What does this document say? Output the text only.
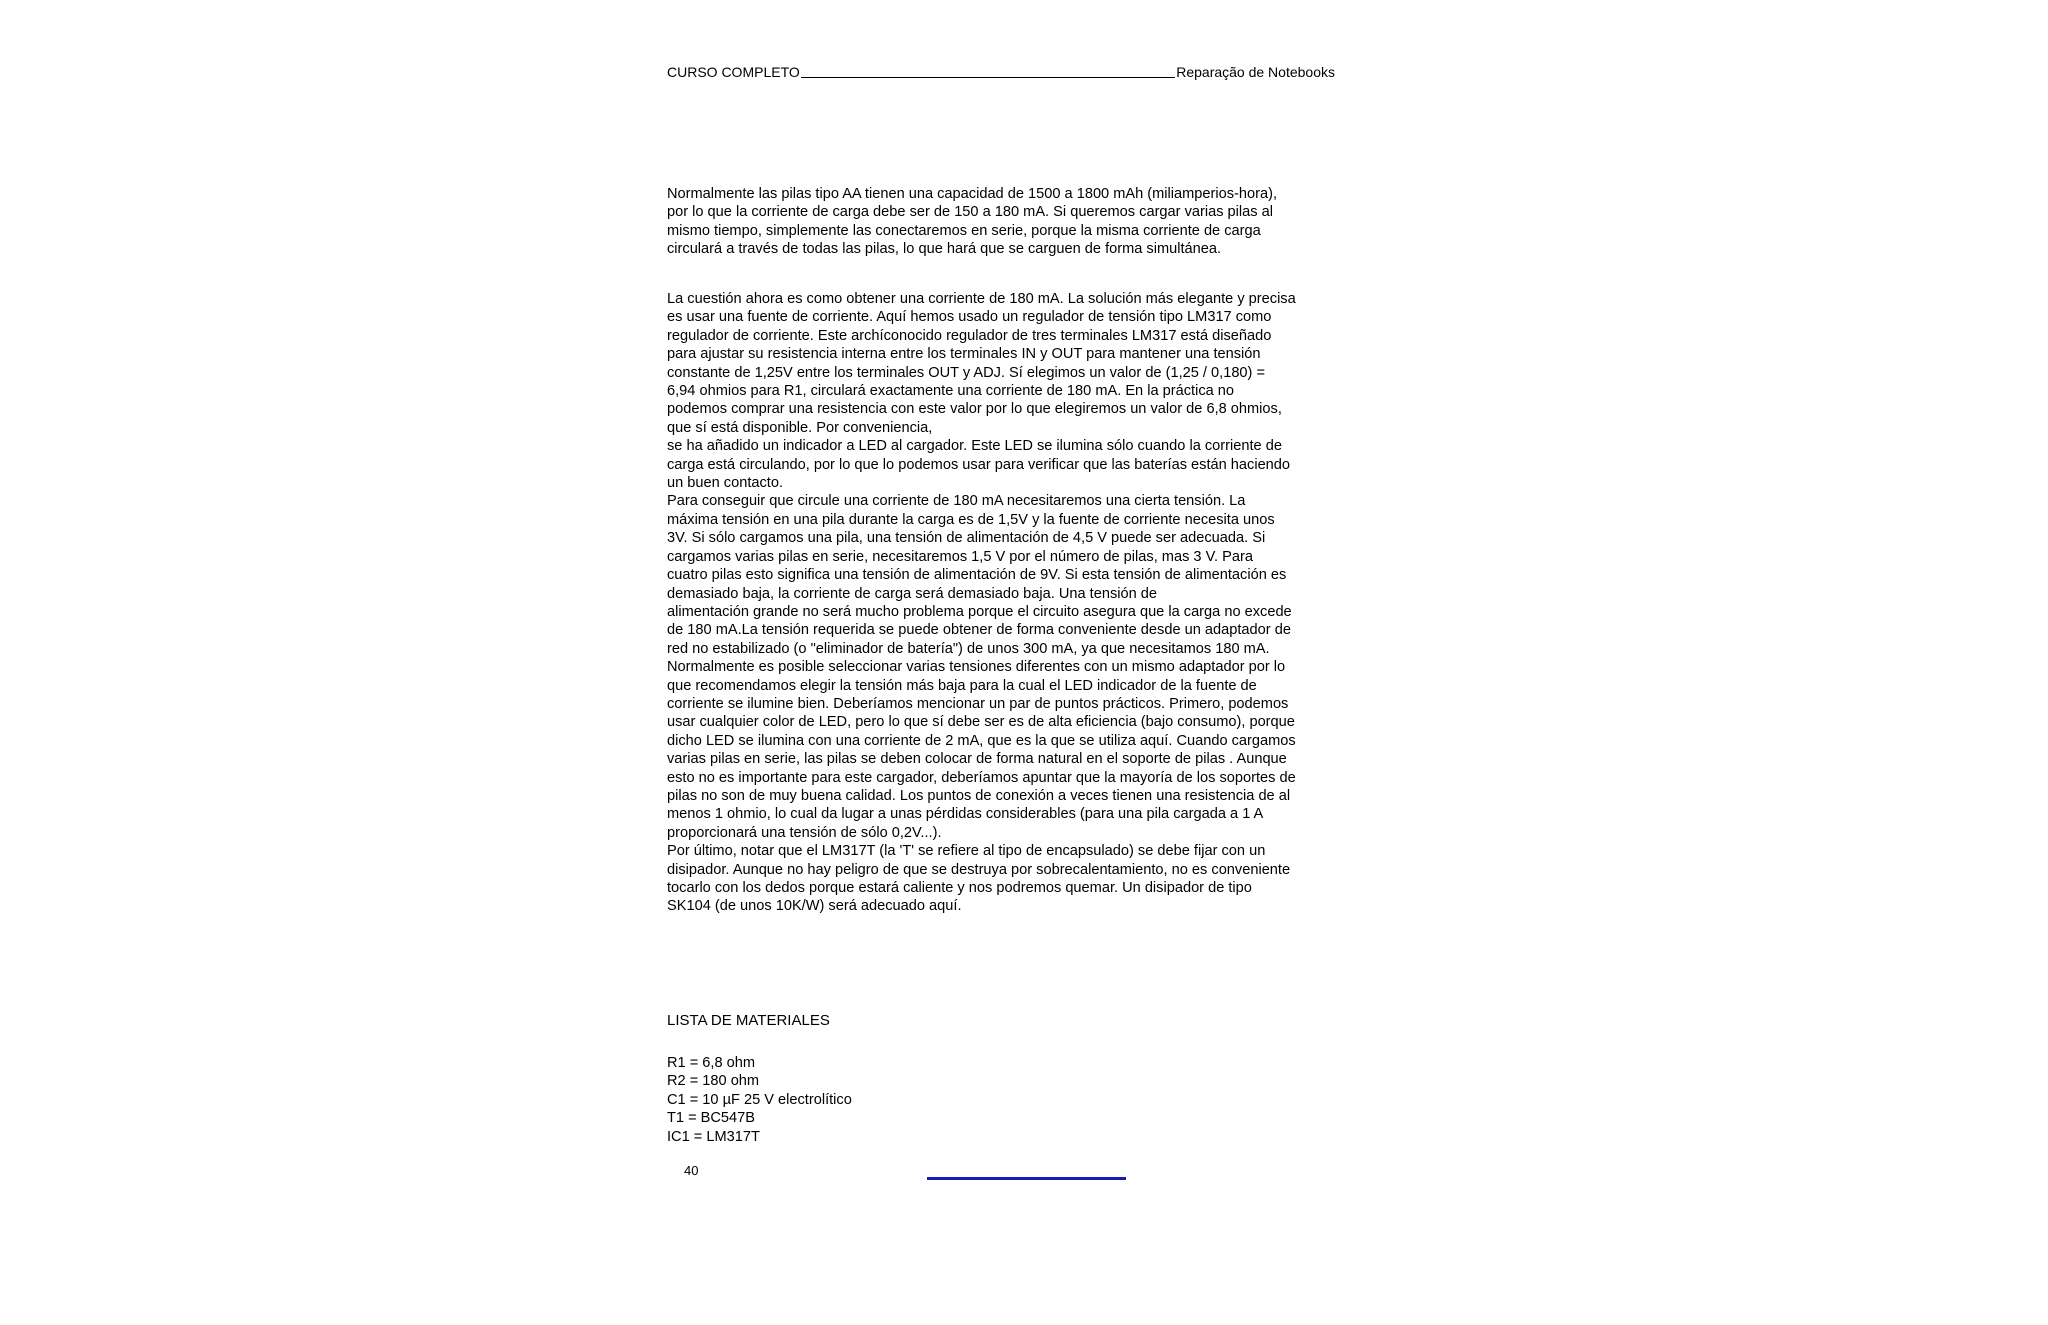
CURSO COMPLETO	Reparação de Notebooks

Normalmente las pilas tipo AA tienen una capacidad de 1500 a 1800 mAh (miliamperios-hora),
por lo que la corriente de carga debe ser de 150 a 180 mA. Si queremos cargar varias pilas al
mismo tiempo, simplemente las conectaremos en serie, porque la misma corriente de carga
circulará a través de todas las pilas, lo que hará que se carguen de forma simultánea.

La cuestión ahora es como obtener una corriente de 180 mA. La solución más elegante y precisa
es usar una fuente de corriente. Aquí hemos usado un regulador de tensión tipo LM317 como
regulador de corriente. Este archíconocido regulador de tres terminales LM317 está diseñado
para ajustar su resistencia interna entre los terminales IN y OUT para mantener una tensión
constante de 1,25V entre los terminales OUT y ADJ. Sí elegimos un valor de (1,25 / 0,180) =
6,94 ohmios para R1, circulará exactamente una corriente de 180 mA. En la práctica no
podemos comprar una resistencia con este valor por lo que elegiremos un valor de 6,8 ohmios,
que sí está disponible. Por conveniencia,
se ha añadido un indicador a LED al cargador. Este LED se ilumina sólo cuando la corriente de
carga está circulando, por lo que lo podemos usar para verificar que las baterías están haciendo
un buen contacto.
Para conseguir que circule una corriente de 180 mA necesitaremos una cierta tensión. La
máxima tensión en una pila durante la carga es de 1,5V y la fuente de corriente necesita unos
3V. Si sólo cargamos una pila, una tensión de alimentación de 4,5 V puede ser adecuada. Si
cargamos varias pilas en serie, necesitaremos 1,5 V por el número de pilas, mas 3 V. Para
cuatro pilas esto significa una tensión de alimentación de 9V. Si esta tensión de alimentación es
demasiado baja, la corriente de carga será demasiado baja. Una tensión de
alimentación grande no será mucho problema porque el circuito asegura que la carga no excede
de 180 mA.La tensión requerida se puede obtener de forma conveniente desde un adaptador de
red no estabilizado (o "eliminador de batería") de unos 300 mA, ya que necesitamos 180 mA.
Normalmente es posible seleccionar varias tensiones diferentes con un mismo adaptador por lo
que recomendamos elegir la tensión más baja para la cual el LED indicador de la fuente de
corriente se ilumine bien. Deberíamos mencionar un par de puntos prácticos. Primero, podemos
usar cualquier color de LED, pero lo que sí debe ser es de alta eficiencia (bajo consumo), porque
dicho LED se ilumina con una corriente de 2 mA, que es la que se utiliza aquí. Cuando cargamos
varias pilas en serie, las pilas se deben colocar de forma natural en el soporte de pilas . Aunque
esto no es importante para este cargador, deberíamos apuntar que la mayoría de los soportes de
pilas no son de muy buena calidad. Los puntos de conexión a veces tienen una resistencia de al
menos 1 ohmio, lo cual da lugar a unas pérdidas considerables (para una pila cargada a 1 A
proporcionará una tensión de sólo 0,2V...).
Por último, notar que el LM317T (la 'T' se refiere al tipo de encapsulado) se debe fijar con un
disipador. Aunque no hay peligro de que se destruya por sobrecalentamiento, no es conveniente
tocarlo con los dedos porque estará caliente y nos podremos quemar. Un disipador de tipo
SK104 (de unos 10K/W) será adecuado aquí.

LISTA DE MATERIALES
R1 = 6,8 ohm
R2 = 180 ohm
C1 = 10 µF 25 V electrolítico
T1 = BC547B
IC1 = LM317T
40
